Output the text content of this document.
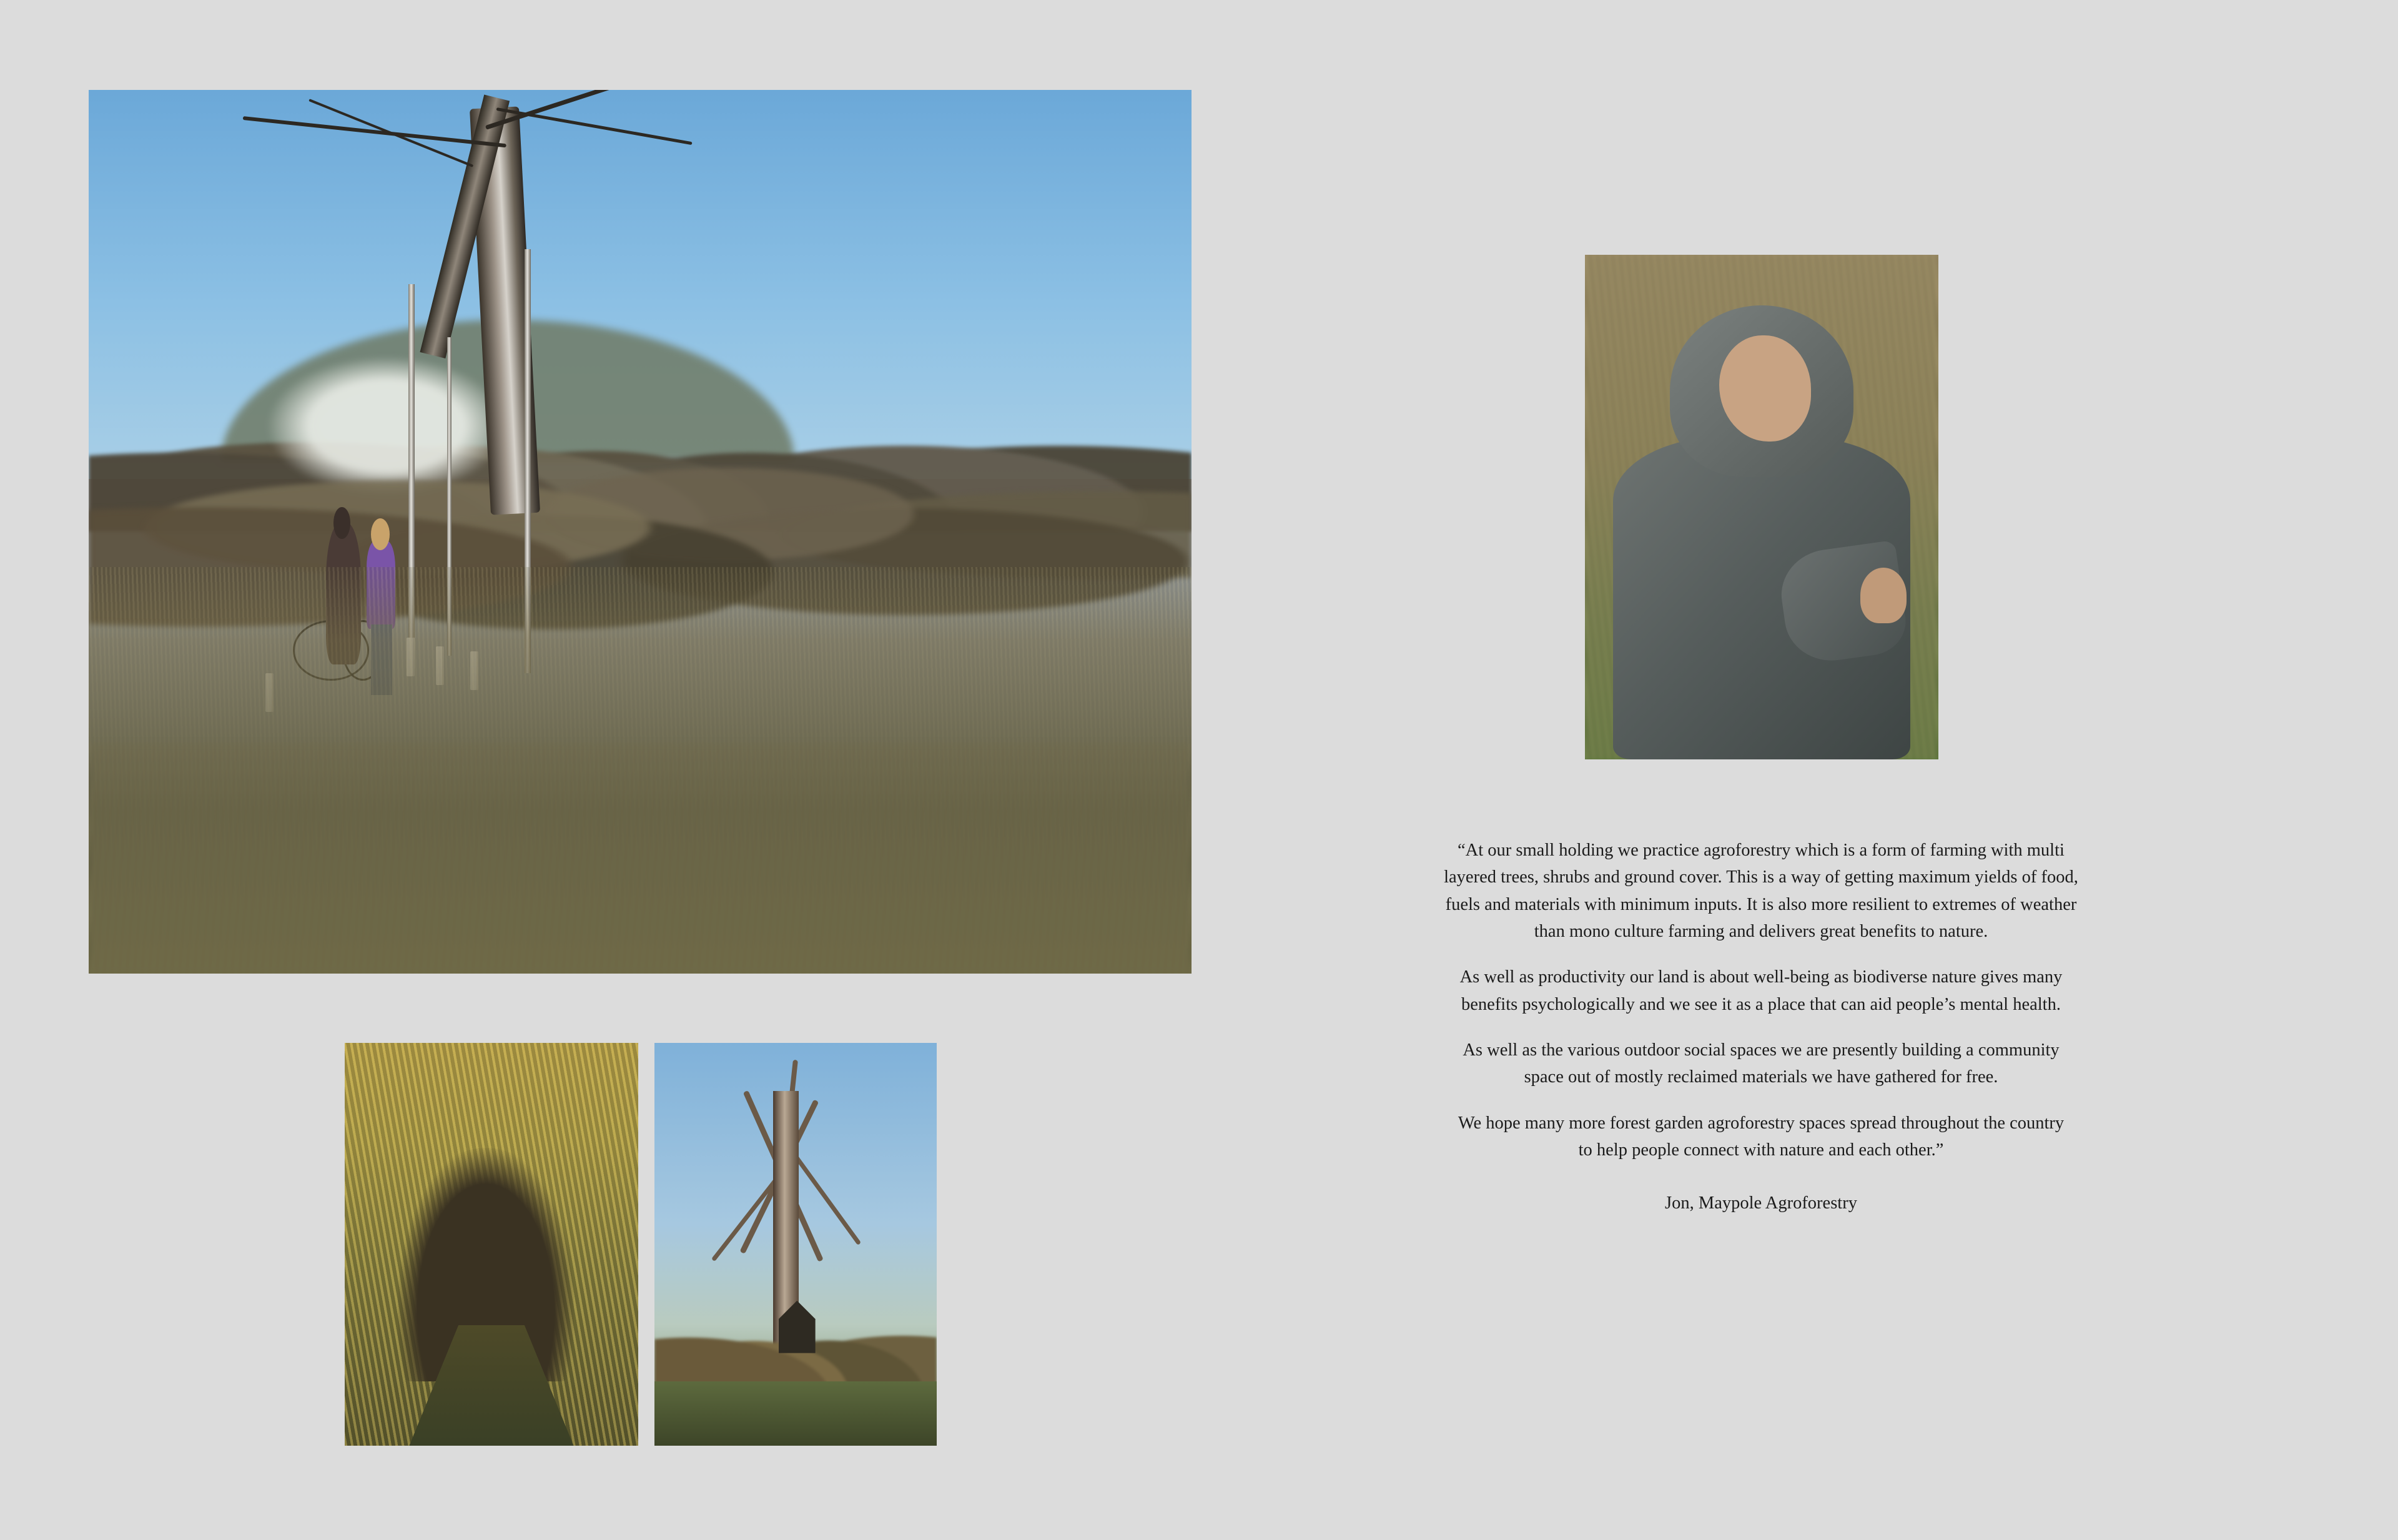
“At our small holding we practice agroforestry which is a form of farming with multi layered trees, shrubs and ground cover. This is a way of getting maximum yields of food, fuels and materials with minimum inputs. It is also more resilient to extremes of weather than mono culture farming and delivers great benefits to nature.

As well as productivity our land is about well-being as biodiverse nature gives many benefits psychologically and we see it as a place that can aid people’s mental health.

As well as the various outdoor social spaces we are presently building a community space out of mostly reclaimed materials we have gathered for free.

We hope many more forest garden agroforestry spaces spread throughout the country to help people connect with nature and each other.”

Jon, Maypole Agroforestry
